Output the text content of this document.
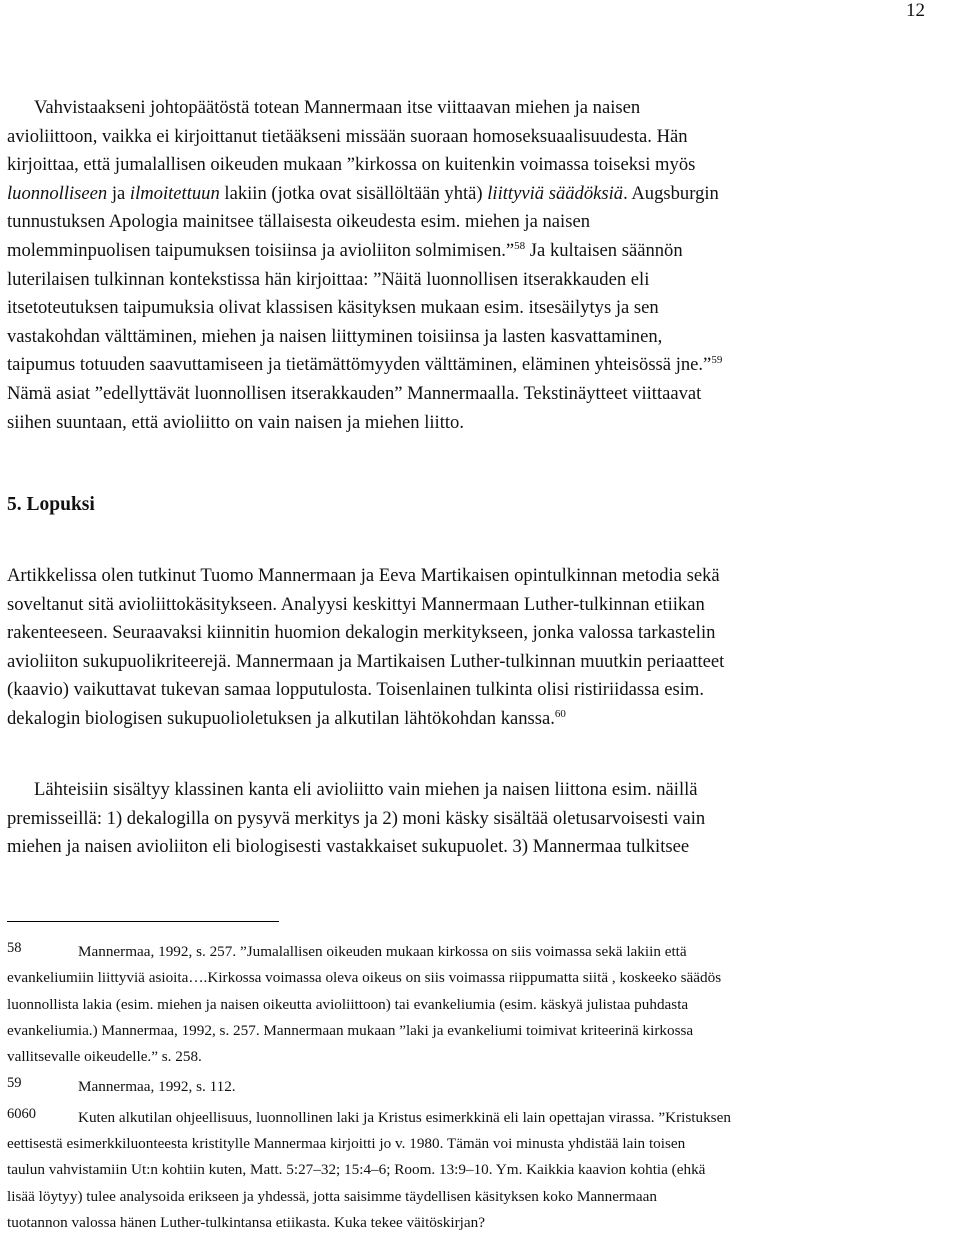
12
Vahvistaakseni johtopäätöstä totean Mannermaan itse viittaavan miehen ja naisen
avioliittoon, vaikka ei kirjoittanut tietääkseni missään suoraan homoseksuaalisuudesta. Hän
kirjoittaa, että jumalallisen oikeuden mukaan ”kirkossa on kuitenkin voimassa toiseksi myös
luonnolliseen ja ilmoitettuun lakiin (jotka ovat sisällöltään yhtä) liittyviä säädöksiä. Augsburgin
tunnustuksen Apologia mainitsee tällaisesta oikeudesta esim. miehen ja naisen
molemminpuolisen taipumuksen toisiinsa ja avioliiton solmimisen.”$^{58}$ Ja kultaisen säännön
luterilaisen tulkinnan kontekstissa hän kirjoittaa: ”Näitä luonnollisen itserakkauden eli
itsetoteutuksen taipumuksia olivat klassisen käsityksen mukaan esim. itsesäilytys ja sen
vastakohdan välttäminen, miehen ja naisen liittyminen toisiinsa ja lasten kasvattaminen,
taipumus totuuden saavuttamiseen ja tietämättömyyden välttäminen, eläminen yhteisössä jne.”$^{59}$
Nämä asiat ”edellyttävät luonnollisen itserakkauden” Mannermaalla. Tekstinäytteet viittaavat
siihen suuntaan, että avioliitto on vain naisen ja miehen liitto.
5. Lopuksi
Artikkelissa olen tutkinut Tuomo Mannermaan ja Eeva Martikaisen opintulkinnan metodia sekä
soveltanut sitä avioliittokäsitykseen. Analyysi keskittyi Mannermaan Luther-tulkinnan etiikan
rakenteeseen. Seuraavaksi kiinnitin huomion dekalogin merkitykseen, jonka valossa tarkastelin
avioliiton sukupuolikriteerejä. Mannermaan ja Martikaisen Luther-tulkinnan muutkin periaatteet
(kaavio) vaikuttavat tukevan samaa lopputulosta. Toisenlainen tulkinta olisi ristiriidassa esim.
dekalogin biologisen sukupuolioletuksen ja alkutilan lähtökohdan kanssa.$^{60}$
Lähteisiin sisältyy klassinen kanta eli avioliitto vain miehen ja naisen liittona esim. näillä
premisseillä: 1) dekalogilla on pysyvä merkitys ja 2) moni käsky sisältää oletusarvoisesti vain
miehen ja naisen avioliiton eli biologisesti vastakkaiset sukupuolet. 3) Mannermaa tulkitsee
58	Mannermaa, 1992, s. 257. ”Jumalallisen oikeuden mukaan kirkossa on siis voimassa sekä lakiin että
evankeliumiin liittyviä asioita….Kirkossa voimassa oleva oikeus on siis voimassa riippumatta siitä , koskeeko säädös
luonnollista lakia (esim. miehen ja naisen oikeutta avioliittoon) tai evankeliumia (esim. käskyä julistaa puhdasta
evankeliumia.) Mannermaa, 1992, s. 257. Mannermaan mukaan ”laki ja evankeliumi toimivat kriteerinä kirkossa
vallitsevalle oikeudelle.” s. 258.
59	Mannermaa, 1992, s. 112.
6060	Kuten alkutilan ohjeellisuus, luonnollinen laki ja Kristus esimerkkinä eli lain opettajan virassa. ”Kristuksen
eettisestä esimerkkiluonteesta kristitylle Mannermaa kirjoitti jo v. 1980. Tämän voi minusta yhdistää lain toisen
taulun vahvistamiin Ut:n kohtiin kuten, Matt. 5:27–32; 15:4–6; Room. 13:9–10. Ym. Kaikkia kaavion kohtia (ehkä
lisää löytyy) tulee analysoida erikseen ja yhdessä, jotta saisimme täydellisen käsityksen koko Mannermaan
tuotannon valossa hänen Luther-tulkintansa etiikasta. Kuka tekee väitöskirjan?
